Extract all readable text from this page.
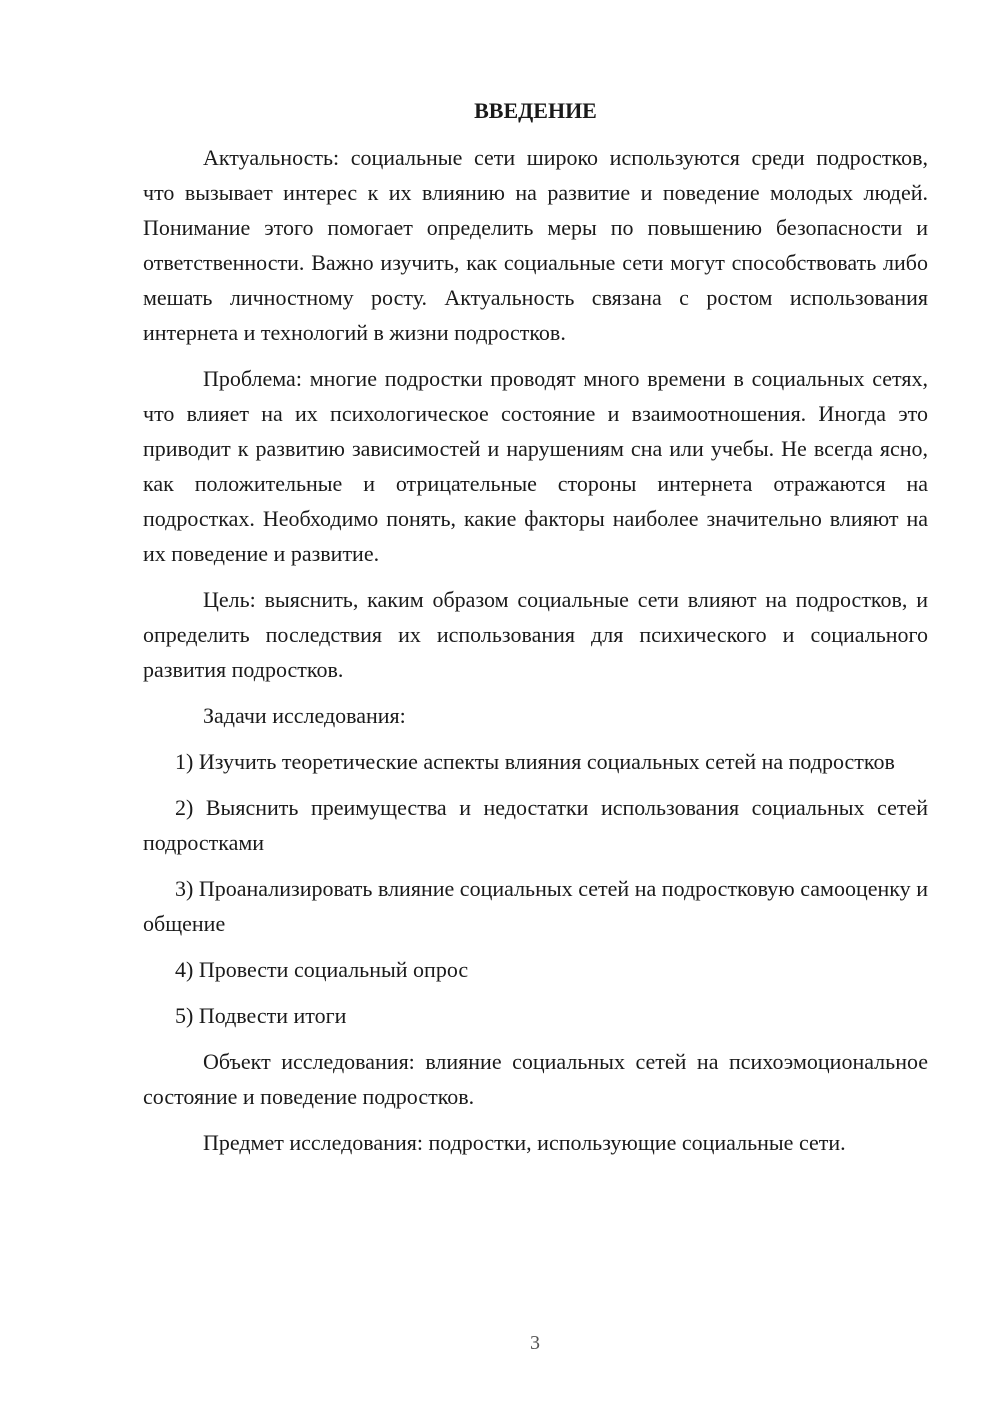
ВВЕДЕНИЕ

Актуальность: социальные сети широко используются среди подростков, что вызывает интерес к их влиянию на развитие и поведение молодых людей. Понимание этого помогает определить меры по повышению безопасности и ответственности. Важно изучить, как социальные сети могут способствовать либо мешать личностному росту. Актуальность связана с ростом использования интернета и технологий в жизни подростков.

Проблема: многие подростки проводят много времени в социальных сетях, что влияет на их психологическое состояние и взаимоотношения. Иногда это приводит к развитию зависимостей и нарушениям сна или учебы. Не всегда ясно, как положительные и отрицательные стороны интернета отражаются на подростках. Необходимо понять, какие факторы наиболее значительно влияют на их поведение и развитие.

Цель: выяснить, каким образом социальные сети влияют на подростков, и определить последствия их использования для психического и социального развития подростков.

Задачи исследования:

1) Изучить теоретические аспекты влияния социальных сетей на подростков

2) Выяснить преимущества и недостатки использования социальных сетей подростками

3) Проанализировать влияние социальных сетей на подростковую самооценку и общение

4) Провести социальный опрос

5) Подвести итоги

Объект исследования: влияние социальных сетей на психоэмоциональное состояние и поведение подростков.

Предмет исследования: подростки, использующие социальные сети.

3
